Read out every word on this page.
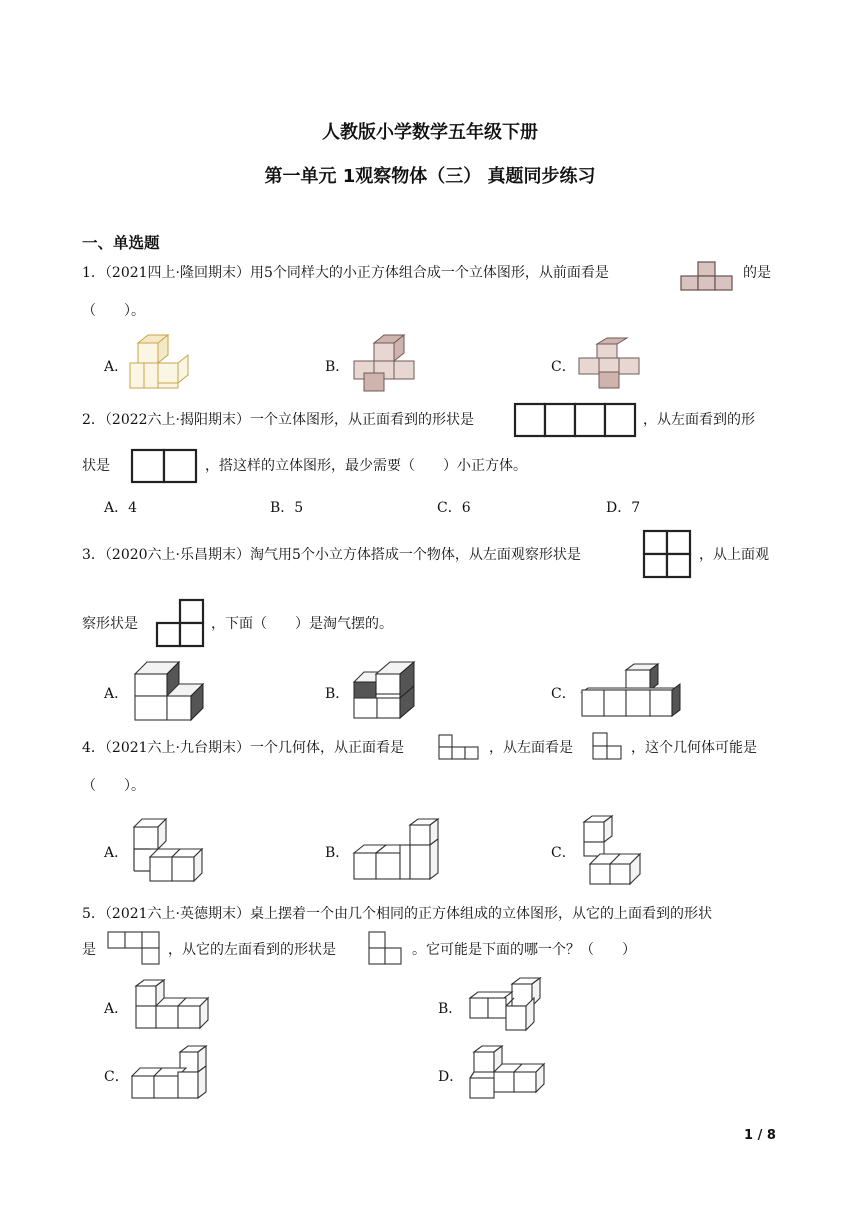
人教版小学数学五年级下册
第一单元 1观察物体（三） 真题同步练习
一、单选题
1．（2021四上·隆回期末）用5个同样大的小正方体组合成一个立体图形，从前面看是	的是
（　　）。
A．	B．	C．
2．（2022六上·揭阳期末）一个立体图形，从正面看到的形状是	，从左面看到的形
状是	，搭这样的立体图形，最少需要（　　）小正方体。
A．4	B．5	C．6	D．7
3．（2020六上·乐昌期末）淘气用5个小立方体搭成一个物体，从左面观察形状是	，从上面观
察形状是	，下面（　　）是淘气摆的。
A．	B．	C．
4．（2021六上·九台期末）一个几何体，从正面看是	，从左面看是	，这个几何体可能是
（　　）。
A．	B．	C．
5．（2021六上·英德期末）桌上摆着一个由几个相同的正方体组成的立体图形，从它的上面看到的形状
是	，从它的左面看到的形状是	。它可能是下面的哪一个？（　　）
A．	B．
C．	D．
1 / 8
